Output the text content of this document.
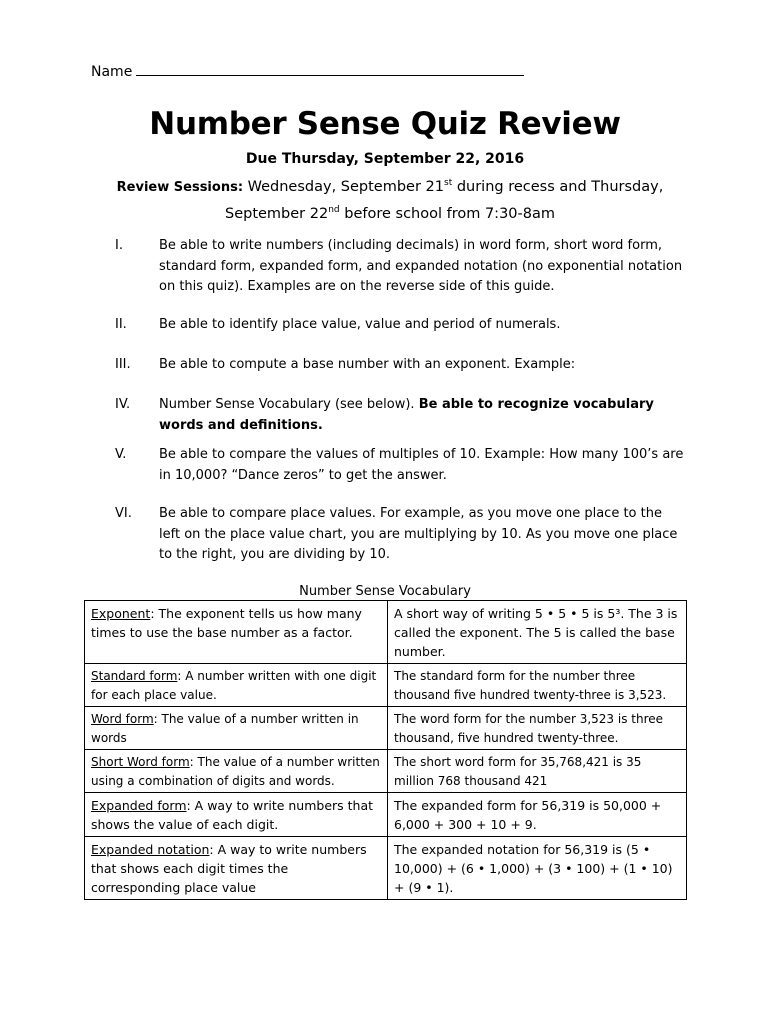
Name
Number Sense Quiz Review
Due Thursday, September 22, 2016
Review Sessions: Wednesday, September 21st during recess and Thursday, September 22nd before school from 7:30-8am
I.	Be able to write numbers (including decimals) in word form, short word form, standard form, expanded form, and expanded notation (no exponential notation on this quiz). Examples are on the reverse side of this guide.
II. Be able to identify place value, value and period of numerals.
III. Be able to compute a base number with an exponent. Example:
IV. Number Sense Vocabulary (see below). Be able to recognize vocabulary words and definitions.
V.	Be able to compare the values of multiples of 10. Example: How many 100’s are in 10,000? “Dance zeros” to get the answer.
VI. Be able to compare place values. For example, as you move one place to the left on the place value chart, you are multiplying by 10. As you move one place to the right, you are dividing by 10.
Number Sense Vocabulary
Exponent: The exponent tells us how many times to use the base number as a factor.	A short way of writing 5 • 5 • 5 is 5³. The 3 is called the exponent. The 5 is called the base number.
Standard form: A number written with one digit for each place value.	The standard form for the number three thousand five hundred twenty-three is 3,523.
Word form: The value of a number written in words	The word form for the number 3,523 is three thousand, five hundred twenty-three.
Short Word form: The value of a number written using a combination of digits and words.	The short word form for 35,768,421 is 35 million 768 thousand 421
Expanded form: A way to write numbers that shows the value of each digit.	The expanded form for 56,319 is 50,000 + 6,000 + 300 + 10 + 9.
Expanded notation: A way to write numbers that shows each digit times the corresponding place value	The expanded notation for 56,319 is (5 • 10,000) + (6 • 1,000) + (3 • 100) + (1 • 10) + (9 • 1).
